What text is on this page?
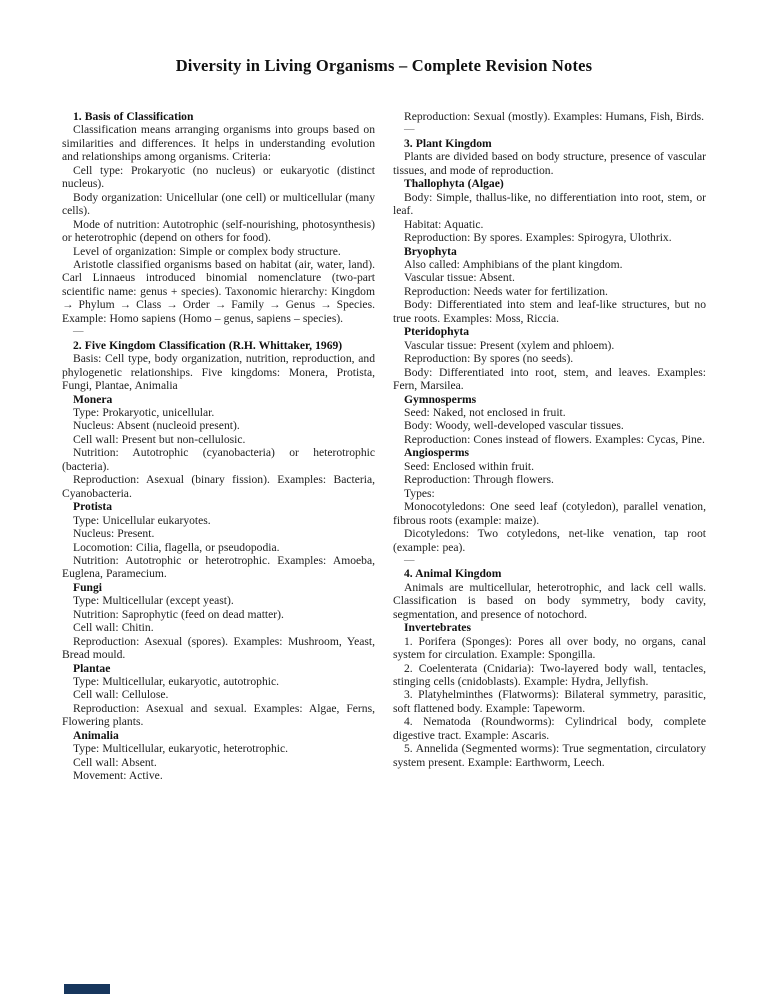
Diversity in Living Organisms – Complete Revision Notes

1. Basis of Classification

Classification means arranging organisms into groups based on similarities and differences. It helps in understanding evolution and relationships among organisms. Criteria:

Cell type: Prokaryotic (no nucleus) or eukaryotic (distinct nucleus).

Body organization: Unicellular (one cell) or multicellular (many cells).

Mode of nutrition: Autotrophic (self-nourishing, photosynthesis) or heterotrophic (depend on others for food).

Level of organization: Simple or complex body structure.

Aristotle classified organisms based on habitat (air, water, land). Carl Linnaeus introduced binomial nomenclature (two-part scientific name: genus + species). Taxonomic hierarchy: Kingdom → Phylum → Class → Order → Family → Genus → Species. Example: Homo sapiens (Homo – genus, sapiens – species).

—

2. Five Kingdom Classification (R.H. Whittaker, 1969)

Basis: Cell type, body organization, nutrition, reproduction, and phylogenetic relationships. Five kingdoms: Monera, Protista, Fungi, Plantae, Animalia

Monera

Type: Prokaryotic, unicellular.

Nucleus: Absent (nucleoid present).

Cell wall: Present but non-cellulosic.

Nutrition: Autotrophic (cyanobacteria) or heterotrophic (bacteria).

Reproduction: Asexual (binary fission). Examples: Bacteria, Cyanobacteria.

Protista

Type: Unicellular eukaryotes.

Nucleus: Present.

Locomotion: Cilia, flagella, or pseudopodia.

Nutrition: Autotrophic or heterotrophic. Examples: Amoeba, Euglena, Paramecium.

Fungi

Type: Multicellular (except yeast).

Nutrition: Saprophytic (feed on dead matter).

Cell wall: Chitin.

Reproduction: Asexual (spores). Examples: Mushroom, Yeast, Bread mould.

Plantae

Type: Multicellular, eukaryotic, autotrophic.

Cell wall: Cellulose.

Reproduction: Asexual and sexual. Examples: Algae, Ferns, Flowering plants.

Animalia

Type: Multicellular, eukaryotic, heterotrophic.

Cell wall: Absent.

Movement: Active.

Reproduction: Sexual (mostly). Examples: Humans, Fish, Birds.

—

3. Plant Kingdom

Plants are divided based on body structure, presence of vascular tissues, and mode of reproduction.

Thallophyta (Algae)

Body: Simple, thallus-like, no differentiation into root, stem, or leaf.

Habitat: Aquatic.

Reproduction: By spores. Examples: Spirogyra, Ulothrix.

Bryophyta

Also called: Amphibians of the plant kingdom.

Vascular tissue: Absent.

Reproduction: Needs water for fertilization.

Body: Differentiated into stem and leaf-like structures, but no true roots. Examples: Moss, Riccia.

Pteridophyta

Vascular tissue: Present (xylem and phloem).

Reproduction: By spores (no seeds).

Body: Differentiated into root, stem, and leaves. Examples: Fern, Marsilea.

Gymnosperms

Seed: Naked, not enclosed in fruit.

Body: Woody, well-developed vascular tissues.

Reproduction: Cones instead of flowers. Examples: Cycas, Pine.

Angiosperms

Seed: Enclosed within fruit.

Reproduction: Through flowers.

Types:

Monocotyledons: One seed leaf (cotyledon), parallel venation, fibrous roots (example: maize).

Dicotyledons: Two cotyledons, net-like venation, tap root (example: pea).

—

4. Animal Kingdom

Animals are multicellular, heterotrophic, and lack cell walls. Classification is based on body symmetry, body cavity, segmentation, and presence of notochord.

Invertebrates

1. Porifera (Sponges): Pores all over body, no organs, canal system for circulation. Example: Spongilla.

2. Coelenterata (Cnidaria): Two-layered body wall, tentacles, stinging cells (cnidoblasts). Example: Hydra, Jellyfish.

3. Platyhelminthes (Flatworms): Bilateral symmetry, parasitic, soft flattened body. Example: Tapeworm.

4. Nematoda (Roundworms): Cylindrical body, complete digestive tract. Example: Ascaris.

5. Annelida (Segmented worms): True segmentation, circulatory system present. Example: Earthworm, Leech.
